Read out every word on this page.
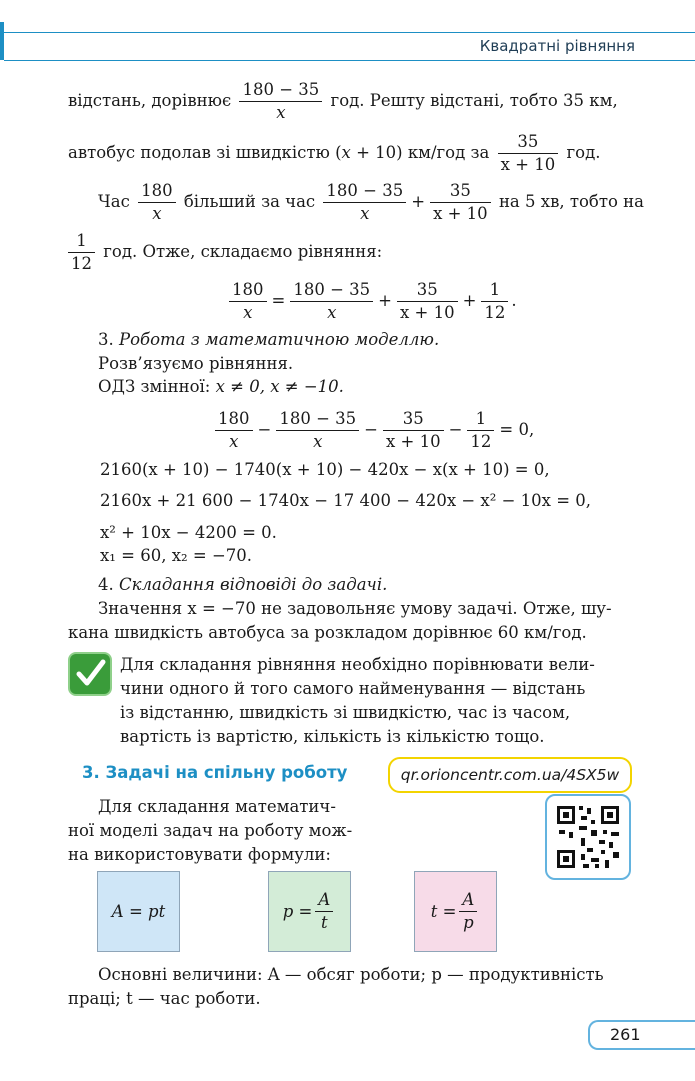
Квадратні рівняння
відстань, дорівнює $\frac{180 - 35}{x}$ год. Решту відстані, тобто 35 км,
автобус подолав зі швидкістю (x + 10) км/год за $\frac{35}{x + 10}$ год.
Час $\frac{180}{x}$ більший за час $\frac{180 - 35}{x} + \frac{35}{x + 10}$ на 5 хв, тобто на
$\frac{1}{12}$ год. Отже, складаємо рівняння:
$\frac{180}{x} = \frac{180 - 35}{x} + \frac{35}{x + 10} + \frac{1}{12}$ .
3. Робота з математичною моделлю.
Розв’язуємо рівняння.
ОДЗ змінної: x ≠ 0, x ≠ −10.
$\frac{180}{x} - \frac{180 - 35}{x} - \frac{35}{x + 10} - \frac{1}{12} = 0$,
2160(x + 10) − 1740(x + 10) − 420x − x(x + 10) = 0,
2160x + 21 600 − 1740x − 17 400 − 420x − x² − 10x = 0,
x² + 10x − 4200 = 0.
x₁ = 60, x₂ = −70.
4. Складання відповіді до задачі.
Значення x = −70 не задовольняє умову задачі. Отже, шу-
кана швидкість автобуса за розкладом дорівнює 60 км/год.
Для складання рівняння необхідно порівнювати вели-
чини одного й того самого найменування — відстань
із відстанню, швидкість зі швидкістю, час із часом,
вартість із вартістю, кількість із кількістю тощо.
3. Задачі на спільну роботу	qr.orioncentr.com.ua/4SX5w
Для складання математич-
ної моделі задач на роботу мож-
на використовувати формули:
A = pt	$p = \frac{A}{t}$	$t = \frac{A}{p}$
Основні величини: A — обсяг роботи; p — продуктивність
праці; t — час роботи.
261
